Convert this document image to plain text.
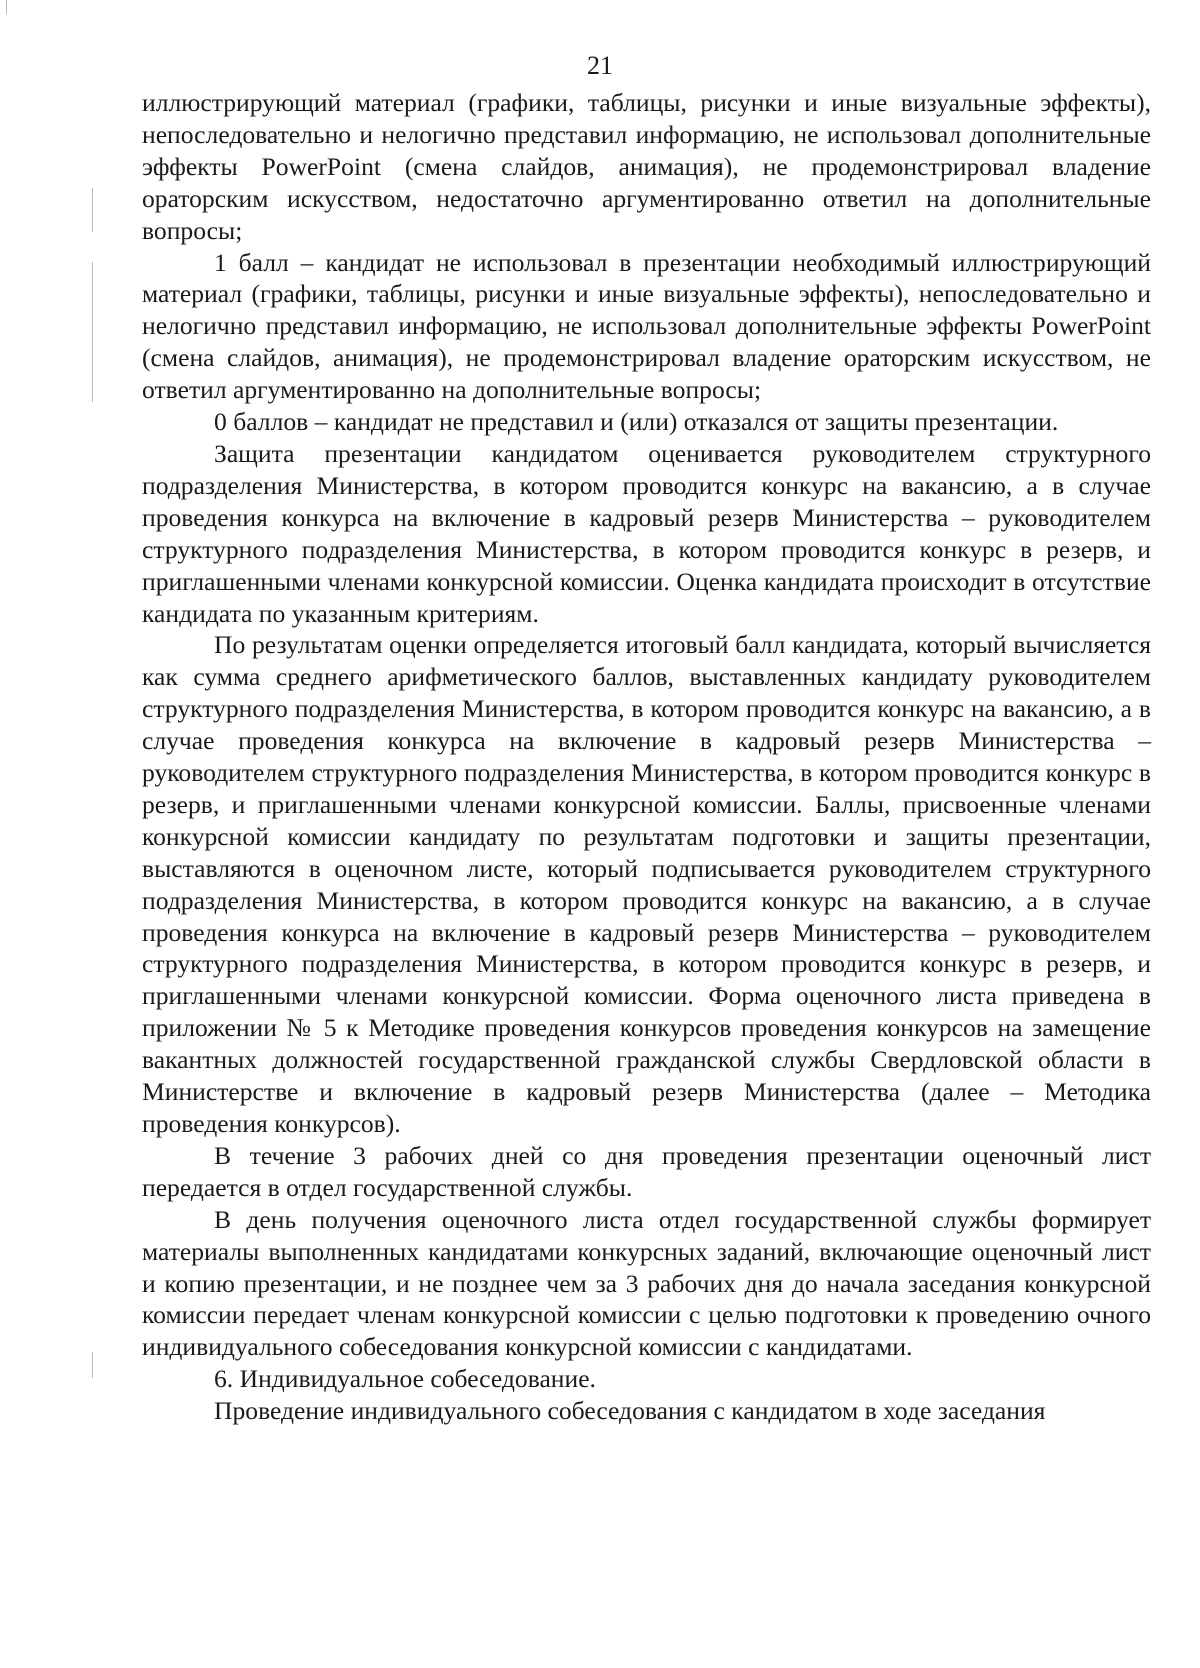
21

иллюстрирующий материал (графики, таблицы, рисунки и иные визуальные эффекты), непоследовательно и нелогично представил информацию, не использовал дополнительные эффекты PowerPoint (смена слайдов, анимация), не продемонстрировал владение ораторским искусством, недостаточно аргументированно ответил на дополнительные вопросы;

1 балл – кандидат не использовал в презентации необходимый иллюстрирующий материал (графики, таблицы, рисунки и иные визуальные эффекты), непоследовательно и нелогично представил информацию, не использовал дополнительные эффекты PowerPoint (смена слайдов, анимация), не продемонстрировал владение ораторским искусством, не ответил аргументированно на дополнительные вопросы;

0 баллов – кандидат не представил и (или) отказался от защиты презентации.

Защита презентации кандидатом оценивается руководителем структурного подразделения Министерства, в котором проводится конкурс на вакансию, а в случае проведения конкурса на включение в кадровый резерв Министерства – руководителем структурного подразделения Министерства, в котором проводится конкурс в резерв, и приглашенными членами конкурсной комиссии. Оценка кандидата происходит в отсутствие кандидата по указанным критериям.

По результатам оценки определяется итоговый балл кандидата, который вычисляется как сумма среднего арифметического баллов, выставленных кандидату руководителем структурного подразделения Министерства, в котором проводится конкурс на вакансию, а в случае проведения конкурса на включение в кадровый резерв Министерства – руководителем структурного подразделения Министерства, в котором проводится конкурс в резерв, и приглашенными членами конкурсной комиссии. Баллы, присвоенные членами конкурсной комиссии кандидату по результатам подготовки и защиты презентации, выставляются в оценочном листе, который подписывается руководителем структурного подразделения Министерства, в котором проводится конкурс на вакансию, а в случае проведения конкурса на включение в кадровый резерв Министерства – руководителем структурного подразделения Министерства, в котором проводится конкурс в резерв, и приглашенными членами конкурсной комиссии. Форма оценочного листа приведена в приложении № 5 к Методике проведения конкурсов проведения конкурсов на замещение вакантных должностей государственной гражданской службы Свердловской области в Министерстве и включение в кадровый резерв Министерства (далее – Методика проведения конкурсов).

В течение 3 рабочих дней со дня проведения презентации оценочный лист передается в отдел государственной службы.

В день получения оценочного листа отдел государственной службы формирует материалы выполненных кандидатами конкурсных заданий, включающие оценочный лист и копию презентации, и не позднее чем за 3 рабочих дня до начала заседания конкурсной комиссии передает членам конкурсной комиссии с целью подготовки к проведению очного индивидуального собеседования конкурсной комиссии с кандидатами.

6. Индивидуальное собеседование.

Проведение индивидуального собеседования с кандидатом в ходе заседания
